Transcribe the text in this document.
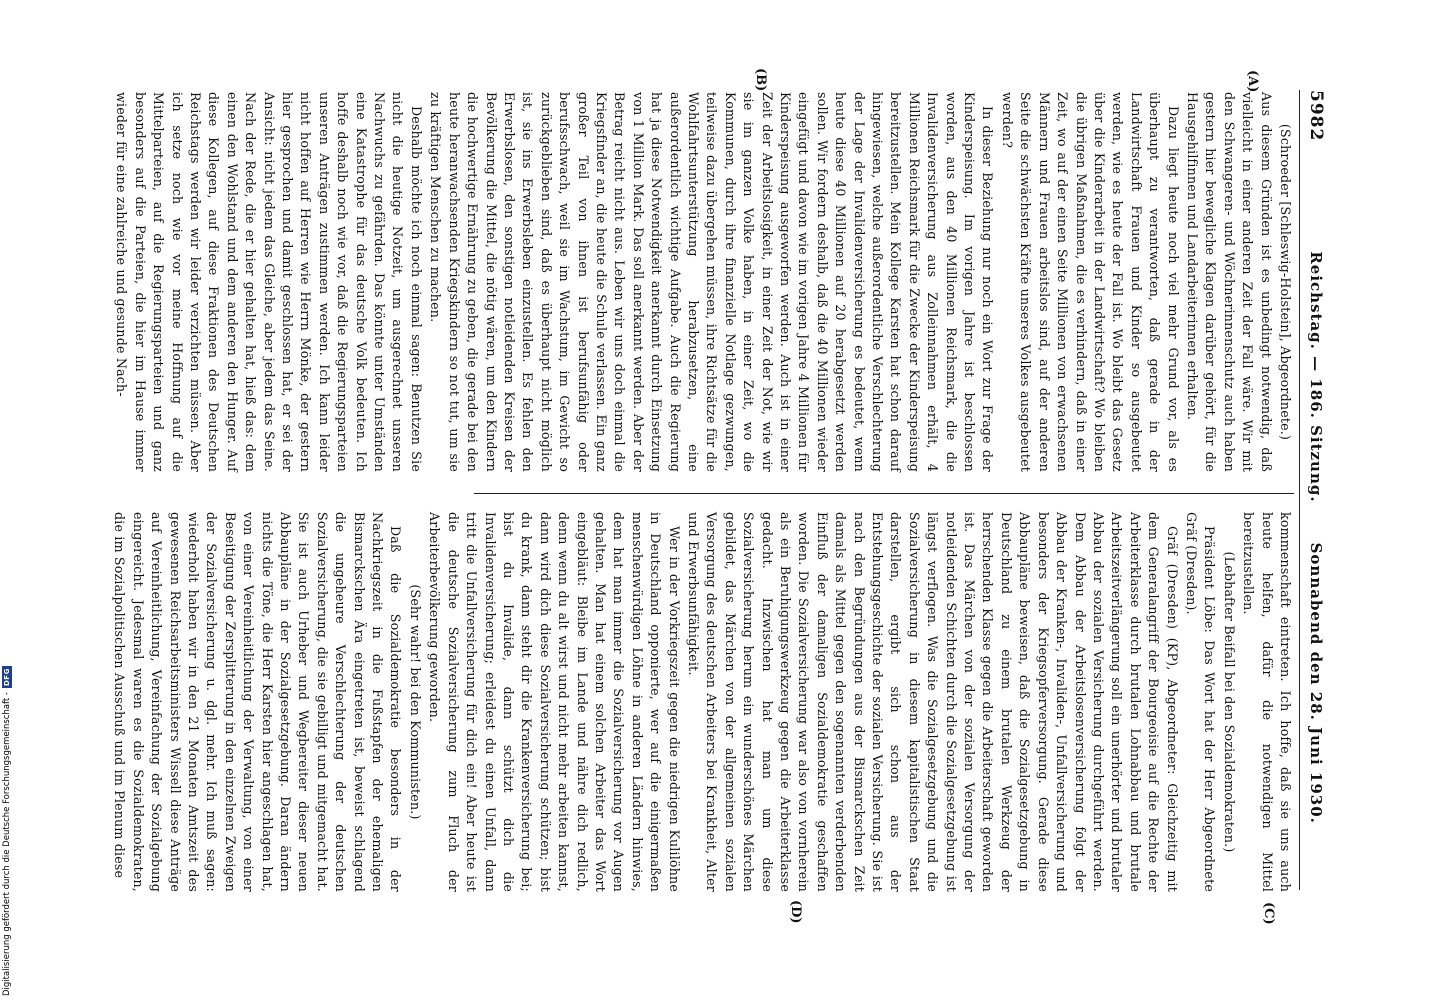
5982
Reichstag. — 186. Sitzung.
Sonnabend den 28. Juni 1930.
(A)
(B)
(C)
(D)

(Schroeder [Schleswig-Holstein], Abgeordnete.)

Aus diesem Gründen ist es unbedingt notwendig, daß vielleicht in einer anderen Zeit der Fall wäre. Wir mit den Schwangeren- und Wöchnerinnenschutz auch haben gestern hier bewegliche Klagen darüber gehört, für die Hausgehilfinnen und Landarbeiterinnen erhalten.

Dazu liegt heute noch viel mehr Grund vor, als es überhaupt zu verantworten, daß gerade in der Landwirtschaft Frauen und Kinder so ausgebeutet werden, wie es heute der Fall ist. Wo bleibt das Gesetz über die Kinderarbeit in der Landwirtschaft? Wo bleiben die übrigen Maßnahmen, die es verhindern, daß in einer Zeit, wo auf der einen Seite Millionen von erwachsenen Männern und Frauen arbeitslos sind, auf der anderen Seite die schwächsten Kräfte unseres Volkes ausgebeutet werden?

In dieser Beziehung nur noch ein Wort zur Frage der Kinderspeisung. Im vorigen Jahre ist beschlossen worden, aus den 40 Millionen Reichsmark, die die Invalidenversicherung aus Zolleinnahmen erhält, 4 Millionen Reichsmark für die Zwecke der Kinderspeisung bereitzustellen. Mein Kollege Karsten hat schon darauf hingewiesen, welche außerordentliche Verschlechterung der Lage der Invalidenversicherung es bedeutet, wenn heute diese 40 Millionen auf 20 herabgesetzt werden sollen. Wir fordern deshalb, daß die 40 Millionen wieder eingefügt und davon wie im vorigen Jahre 4 Millionen für Kinderspeisung ausgeworfen werden. Auch ist in einer Zeit der Arbeitslosigkeit, in einer Zeit der Not, wie wir sie im ganzen Volke haben, in einer Zeit, wo die Kommunen, durch ihre finanzielle Notlage gezwungen, teilweise dazu übergehen müssen, ihre Richtsätze für die Wohlfahrtsunterstützung herabzusetzen, eine außerordentlich wichtige Aufgabe. Auch die Regierung hat ja diese Notwendigkeit anerkannt durch Einsetzung von 1 Million Mark. Das soll anerkannt werden. Aber der Betrag reicht nicht aus. Leben wir uns doch einmal die Kriegsfinder an, die heute die Schule verlassen. Ein ganz großer Teil von ihnen ist berufsunfähig oder berufsschwach, weil sie im Wachstum, im Gewicht so zurückgeblieben sind, daß es überhaupt nicht möglich ist, sie ins Erwerbsleben einzustellen. Es fehlen den Erwerbslosen, den sonstigen notleidenden Kreisen der Bevölkerung die Mittel, die nötig wären, um den Kindern die hochwertige Ernährung zu geben, die gerade bei den heute heranwachsenden Kriegskindern so not tut, um sie zu kräftigen Menschen zu machen.

Deshalb möchte ich noch einmal sagen: Benutzen Sie nicht die heutige Notzeit, um ausgerechnet unseren Nachwuchs zu gefährden. Das könnte unter Umständen eine Katastrophe für das deutsche Volk bedeuten. Ich hoffe deshalb noch wie vor, daß die Regierungsparteien unseren Anträgen zustimmen werden. Ich kann leider nicht hoffen auf Herren wie Herrn Mönke, der gestern hier gesprochen und damit geschlossen hat, er sei der Ansicht: nicht jedem das Gleiche, aber jedem das Seine. Nach der Rede, die er hier gehalten hat, hieß das: dem einen den Wohlstand und dem anderen den Hunger. Auf diese Kollegen, auf diese Fraktionen des Deutschen Reichstags werden wir leider verzichten müssen. Aber ich setze noch wie vor meine Hoffnung auf die Mittelparteien, auf die Regierungsparteien und ganz besonders auf die Parteien, die hier im Hause immer wieder für eine zahlreiche und gesunde Nach-

kommenschaft eintreten. Ich hoffe, daß sie uns auch heute helfen, dafür die notwendigen Mittel bereitzustellen.

(Lebhafter Beifall bei den Sozialdemokraten.)

Präsident Löbe: Das Wort hat der Herr Abgeordnete Gräf (Dresden).

Gräf (Dresden) (KP), Abgeordneter: Gleichzeitig mit dem Generalangriff der Bourgeoisie auf die Rechte der Arbeiterklasse durch brutalen Lohnabbau und brutale Arbeitszeitverlängerung soll ein unerhörter und brutaler Abbau der sozialen Versicherung durchgeführt werden. Dem Abbau der Arbeitslosenversicherung folgt der Abbau der Kranken-, Invaliden-, Unfallversicherung und besonders der Kriegsopferversorgung. Gerade diese Abbaupläne beweisen, daß die Sozialgesetzgebung in Deutschland zu einem brutalen Werkzeug der herrschenden Klasse gegen die Arbeiterschaft geworden ist. Das Märchen von der sozialen Versorgung der notleidenden Schichten durch die Sozialgesetzgebung ist längst verflogen. Was die Sozialgesetzgebung und die Sozialversicherung in diesem kapitalistischen Staat darstellen, ergibt sich schon aus der Entstehungsgeschichte der sozialen Versicherung. Sie ist nach den Begründungen aus der Bismarckschen Zeit damals als Mittel gegen den sogenannten verderbenden Einfluß der damaligen Sozialdemokratie geschaffen worden. Die Sozialversicherung war also von vornherein als ein Beruhigungswerkzeug gegen die Arbeiterklasse gedacht. Inzwischen hat man um diese Sozialversicherung herum ein wunderschönes Märchen gebildet, das Märchen von der allgemeinen sozialen Versorgung des deutschen Arbeiters bei Krankheit, Alter und Erwerbsunfähigkeit.

Wer in der Vorkriegszeit gegen die niedrigen Kulilöhne in Deutschland opponierte, wer auf die einigermaßen menschenwürdigen Löhne in anderen Ländern hinwies, dem hat man immer die Sozialversicherung vor Augen gehalten. Man hat einem solchen Arbeiter das Wort eingebläut: Bleibe im Lande und nähre dich redlich, denn wenn du alt wirst und nicht mehr arbeiten kannst, dann wird dich diese Sozialversicherung schützen; bist du krank, dann steht dir die Krankenversicherung bei; bist du Invalide, dann schützt dich die Invalidenversicherung; erleidest du einen Unfall, dann tritt die Unfallversicherung für dich ein! Aber heute ist die deutsche Sozialversicherung zum Fluch der Arbeiterbevölkerung geworden.

(Sehr wahr! bei den Kommunisten.)

Daß die Sozialdemokratie besonders in der Nachkriegszeit in die Fußstapfen der ehemaligen Bismarckschen Ära eingetreten ist, beweist schlagend die ungeheure Verschlechterung der deutschen Sozialversicherung, die sie gebilligt und mitgemacht hat. Sie ist auch Urheber und Wegbereiter dieser neuen Abbaupläne in der Sozialgesetzgebung. Daran ändern nichts die Töne, die Herr Karsten hier angeschlagen hat, von einer Vereinheitlichung der Verwaltung, von einer Beseitigung der Zersplitterung in den einzelnen Zweigen der Sozialversicherung u. dgl. mehr. Ich muß sagen: wiederholt haben wir in den 21 Monaten Amtszeit des gewesenen Reichsarbeitsministers Wissell diese Anträge auf Vereinheitlichung, Vereinfachung der Sozialgebung eingereicht. Jedesmal waren es die Sozialdemokraten, die im Sozialpolitischen Ausschuß und im Plenum diese

Digitalisierung gefördert durch die Deutsche Forschungsgemeinschaft -
DFG
